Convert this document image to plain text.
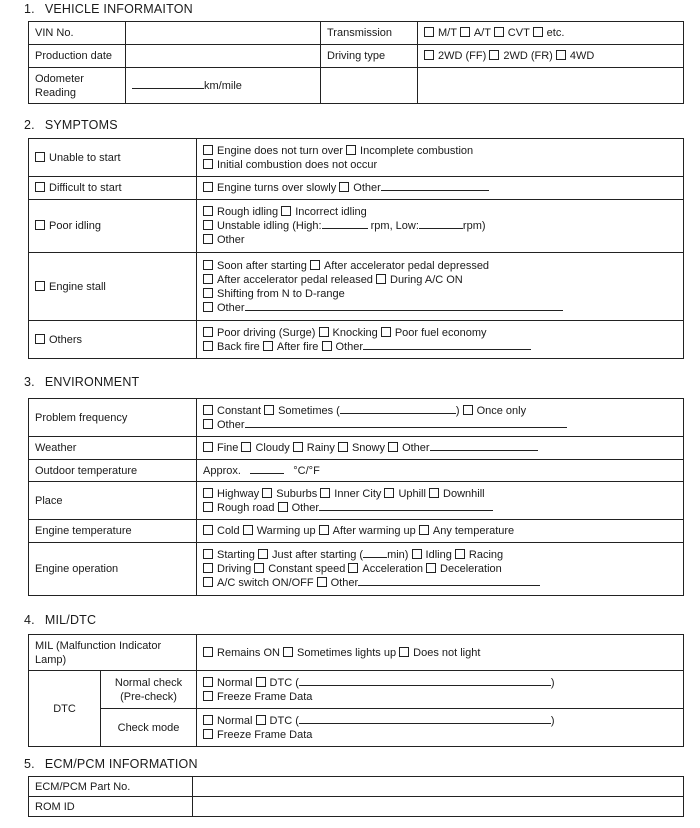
1. VEHICLE INFORMAITON
VIN No.		Transmission	M/T A/T CVT etc.
Production date		Driving type	2WD (FF) 2WD (FR) 4WD
Odometer Reading	km/mile		
2. SYMPTOMS
Unable to start	Engine does not turn over Incomplete combustion
Initial combustion does not occur

Difficult to start	Engine turns over slowly Other
Poor idling	Rough idling Incorrect idling
Unstable idling (High: rpm, Low: rpm)
Other

Engine stall	Soon after starting After accelerator pedal depressed
After accelerator pedal released During A/C ON
Shifting from N to D-range
Other

Others	Poor driving (Surge) Knocking Poor fuel economy
Back fire After fire Other
3. ENVIRONMENT
Problem frequency	Constant Sometimes ( ) Once only
Other

Weather	Fine Cloudy Rainy Snowy Other
Outdoor temperature	Approx. °C/°F
Place	Highway Suburbs Inner City Uphill Downhill
Rough road Other

Engine temperature	Cold Warming up After warming up Any temperature
Engine operation	Starting Just after starting ( min) Idling Racing
Driving Constant speed Acceleration Deceleration
A/C switch ON/OFF Other
4. MIL/DTC
MIL (Malfunction Indicator Lamp)		Remains ON Sometimes lights up Does not light
DTC	Normal check (Pre-check)	Normal DTC ( )
Freeze Frame Data

	Check mode	Normal DTC ( )
Freeze Frame Data
5. ECM/PCM INFORMATION
ECM/PCM Part No.	
ROM ID	
